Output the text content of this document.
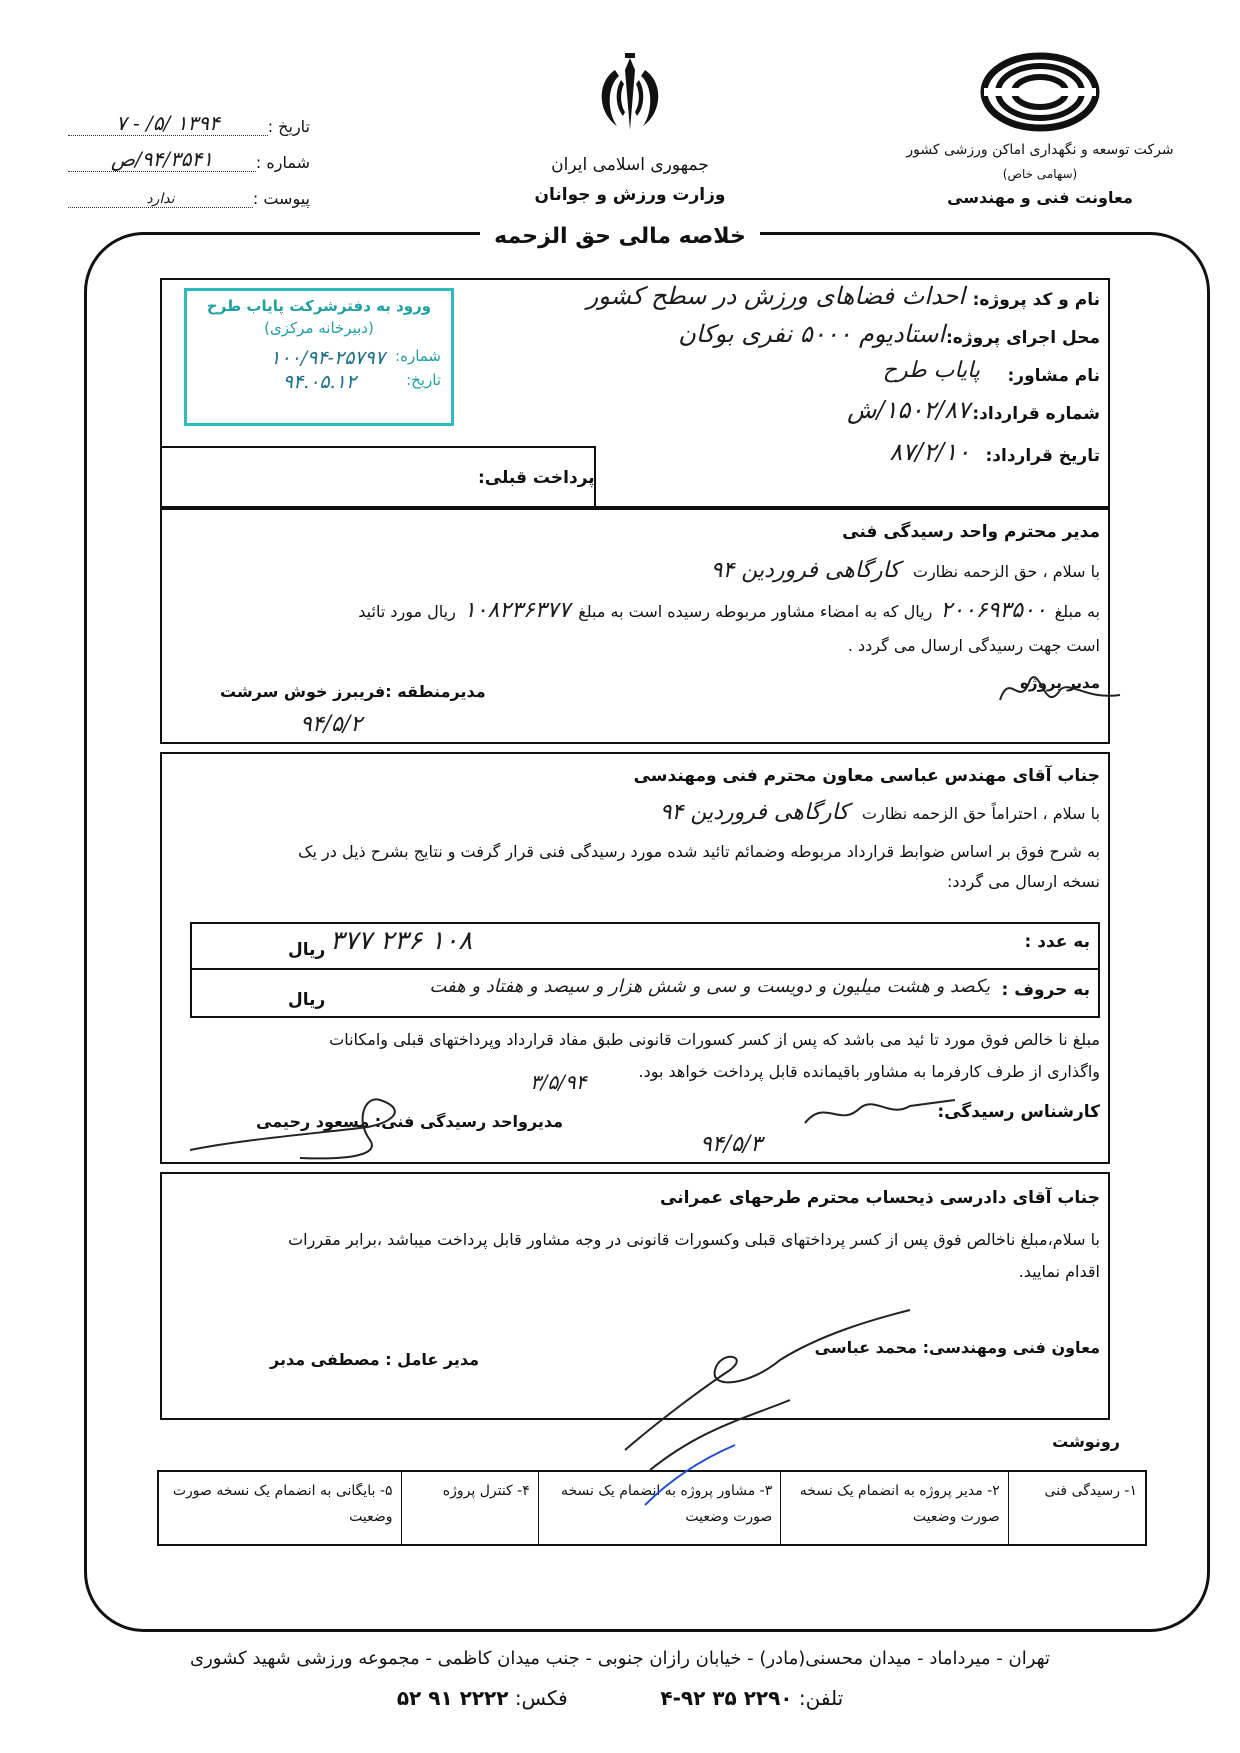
تاریخ :
۱۳۹۴ /۵/ - ۷
شماره :
۹۴/۳۵۴۱/ص
پیوست :
ندارد
جمهوری اسلامی ایران
وزارت ورزش و جوانان
شرکت توسعه و نگهداری اماکن ورزشی کشور
(سهامی خاص)
معاونت فنی و مهندسی
خلاصه مالی حق الزحمه
ورود به دفترشرکت پایاب طرح
(دبیرخانه مرکزی)
شماره:
۱۰۰/۹۴-۲۵۷۹۷
تاریخ:
۹۴.۰۵.۱۲
نام و کد پروژه:
احداث فضاهای ورزش در سطح کشور
محل اجرای پروژه:
استادیوم ۵۰۰۰ نفری بوکان
نام مشاور:
پایاب طرح
شماره قرارداد:
۱۵۰۲/۸۷/ش
تاریخ قرارداد:
۸۷/۲/۱۰
پرداخت قبلی:
مدیر محترم واحد رسیدگی فنی
با سلام ، حق الزحمه نظارت کارگاهی فروردین ۹۴
به مبلغ
۲۰۰۶۹۳۵۰۰
ریال که به امضاء مشاور مربوطه رسیده است به مبلغ
۱۰۸۲۳۶۳۷۷
ریال مورد تائید
است جهت رسیدگی ارسال می گردد .
مدیر پروژه
مدیرمنطقه :فریبرز خوش سرشت
۹۴/۵/۲
جناب آقای مهندس عباسی معاون محترم فنی ومهندسی
با سلام ، احتراماً حق الزحمه نظارت کارگاهی فروردین ۹۴
به شرح فوق بر اساس ضوابط قرارداد مربوطه وضمائم تائید شده مورد رسیدگی فنی قرار گرفت و نتایج بشرح ذیل در یک
نسخه ارسال می گردد:
به عدد :
۱۰۸ ۲۳۶ ۳۷۷
ریال
به حروف :
یکصد و هشت میلیون و دویست و سی و شش هزار و سیصد و هفتاد و هفت
ریال
مبلغ نا خالص فوق مورد تا ئید می باشد که پس از کسر کسورات قانونی طبق مفاد قرارداد وپرداختهای قبلی وامکانات
واگذاری از طرف کارفرما به مشاور باقیمانده قابل پرداخت خواهد بود.
کارشناس رسیدگی:
۹۴/۵/۳
مدیرواحد رسیدگی فنی: مسعود رحیمی
۳/۵/۹۴
جناب آقای دادرسی ذیحساب محترم طرحهای عمرانی
با سلام،مبلغ ناخالص فوق پس از کسر پرداختهای قبلی وکسورات قانونی در وجه مشاور قابل پرداخت میباشد ،برابر مقررات
اقدام نمایید.
معاون فنی ومهندسی: محمد عباسی
مدیر عامل : مصطفی مدبر
رونوشت
۱- رسیدگی فنی
۲- مدیر پروژه به انضمام یک نسخه صورت وضعیت
۳- مشاور پروژه به انضمام یک نسخه صورت وضعیت
۴- کنترل پروژه
۵- بایگانی به انضمام یک نسخه صورت وضعیت
تهران - میرداماد - میدان محسنی(مادر) - خیابان رازان جنوبی - جنب میدان کاظمی - مجموعه ورزشی شهید کشوری
تلفن: ۲۲۹۰ ۳۵ ۹۲-۴  فکس: ۲۲۲۲ ۹۱ ۵۲
